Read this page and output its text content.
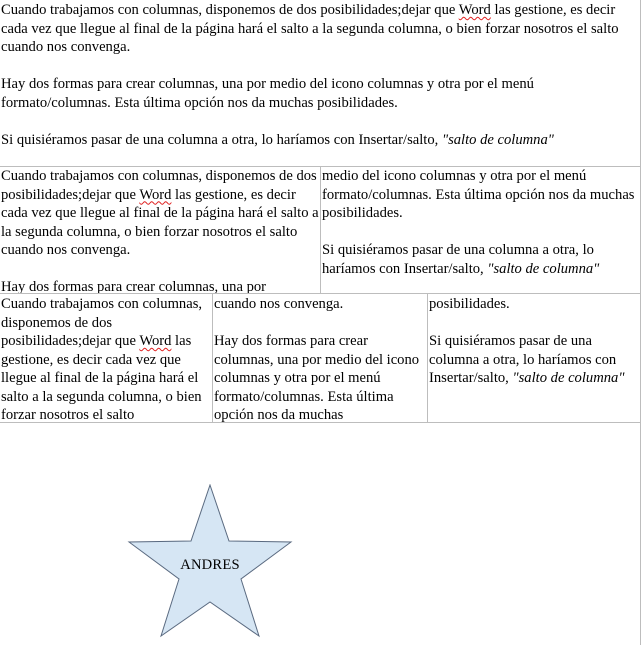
Cuando trabajamos con columnas, disponemos de dos posibilidades;dejar que Word las gestione, es decir cada vez que llegue al final de la página hará el salto a la segunda columna, o bien forzar nosotros el salto cuando nos convenga.

Hay dos formas para crear columnas, una por medio del icono columnas y otra por el menú formato/columnas. Esta última opción nos da muchas posibilidades.

Si quisiéramos pasar de una columna a otra, lo haríamos con Insertar/salto, "salto de columna"

Cuando trabajamos con columnas, disponemos de dos posibilidades;dejar que Word las gestione, es decir cada vez que llegue al final de la página hará el salto a la segunda columna, o bien forzar nosotros el salto cuando nos convenga.

Hay dos formas para crear columnas, una por

medio del icono columnas y otra por el menú formato/columnas. Esta última opción nos da muchas posibilidades.

Si quisiéramos pasar de una columna a otra, lo haríamos con Insertar/salto, "salto de columna"

Cuando trabajamos con columnas, disponemos de dos posibilidades;dejar que Word las gestione, es decir cada vez que llegue al final de la página hará el salto a la segunda columna, o bien forzar nosotros el salto

cuando nos convenga.

Hay dos formas para crear columnas, una por medio del icono columnas y otra por el menú formato/columnas. Esta última opción nos da muchas

posibilidades.

Si quisiéramos pasar de una columna a otra, lo haríamos con Insertar/salto, "salto de columna"

ANDRES
